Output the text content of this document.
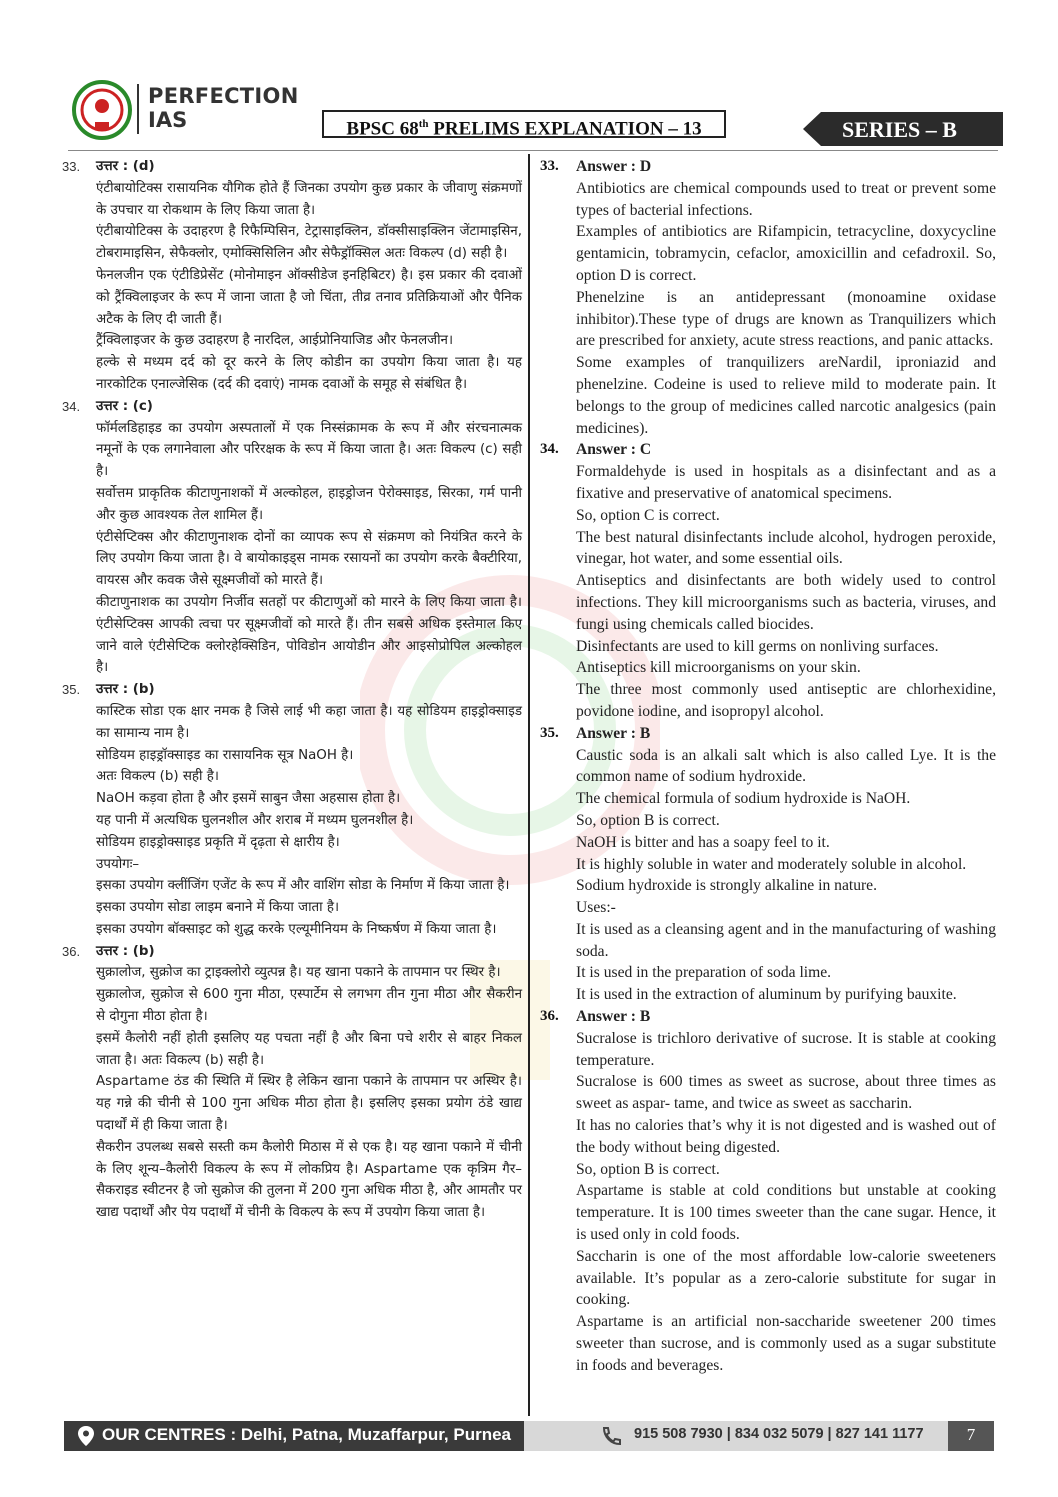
PERFECTION
IAS	BPSC 68th PRELIMS EXPLANATION – 13	SERIES – B
33.	उत्तर : (d)

एंटीबायोटिक्स रासायनिक यौगिक होते हैं जिनका उपयोग कुछ प्रकार के जीवाणु संक्रमणों के उपचार या रोकथाम के लिए किया जाता है।

एंटीबायोटिक्स के उदाहरण है रिफैम्पिसिन, टेट्रासाइक्लिन, डॉक्सीसाइक्लिन जेंटामाइसिन, टोबरामाइसिन, सेफैक्लोर, एमोक्सिसिलिन और सेफैड्रॉक्सिल अतः विकल्प (d) सही है।

फेनलजीन एक एंटीडिप्रेसेंट (मोनोमाइन ऑक्सीडेज इनहिबिटर) है। इस प्रकार की दवाओं को ट्रैंक्विलाइजर के रूप में जाना जाता है जो चिंता, तीव्र तनाव प्रतिक्रियाओं और पैनिक अटैक के लिए दी जाती हैं।

ट्रैंक्विलाइजर के कुछ उदाहरण है नारदिल, आईप्रोनियाजिड और फेनलजीन।

हल्के से मध्यम दर्द को दूर करने के लिए कोडीन का उपयोग किया जाता है। यह नारकोटिक एनाल्जेसिक (दर्द की दवाएं) नामक दवाओं के समूह से संबंधित है।

34.	उत्तर : (c)

फॉर्मलडिहाइड का उपयोग अस्पतालों में एक निस्संक्रामक के रूप में और संरचनात्मक नमूनों के एक लगानेवाला और परिरक्षक के रूप में किया जाता है। अतः विकल्प (c) सही है।

सर्वोत्तम प्राकृतिक कीटाणुनाशकों में अल्कोहल, हाइड्रोजन पेरोक्साइड, सिरका, गर्म पानी और कुछ आवश्यक तेल शामिल हैं।

एंटीसेप्टिक्स और कीटाणुनाशक दोनों का व्यापक रूप से संक्रमण को नियंत्रित करने के लिए उपयोग किया जाता है। वे बायोकाइड्स नामक रसायनों का उपयोग करके बैक्टीरिया, वायरस और कवक जैसे सूक्ष्मजीवों को मारते हैं।

कीटाणुनाशक का उपयोग निर्जीव सतहों पर कीटाणुओं को मारने के लिए किया जाता है। एंटीसेप्टिक्स आपकी त्वचा पर सूक्ष्मजीवों को मारते हैं। तीन सबसे अधिक इस्तेमाल किए जाने वाले एंटीसेप्टिक क्लोरहेक्सिडिन, पोविडोन आयोडीन और आइसोप्रोपिल अल्कोहल है।

35.	उत्तर : (b)

कास्टिक सोडा एक क्षार नमक है जिसे लाई भी कहा जाता है। यह सोडियम हाइड्रोक्साइड का सामान्य नाम है।

सोडियम हाइड्रॉक्साइड का रासायनिक सूत्र NaOH है।

अतः विकल्प (b) सही है।

NaOH कड़वा होता है और इसमें साबुन जैसा अहसास होता है।

यह पानी में अत्यधिक घुलनशील और शराब में मध्यम घुलनशील है।

सोडियम हाइड्रोक्साइड प्रकृति में दृढ़ता से क्षारीय है।

उपयोगः–

इसका उपयोग क्लींजिंग एजेंट के रूप में और वाशिंग सोडा के निर्माण में किया जाता है।

इसका उपयोग सोडा लाइम बनाने में किया जाता है।

इसका उपयोग बॉक्साइट को शुद्ध करके एल्यूमीनियम के निष्कर्षण में किया जाता है।

36.	उत्तर : (b)

सुक्रालोज, सुक्रोज का ट्राइक्लोरो व्युत्पन्न है। यह खाना पकाने के तापमान पर स्थिर है।

सुक्रालोज, सुक्रोज से 600 गुना मीठा, एस्पार्टेम से लगभग तीन गुना मीठा और सैकरीन से दोगुना मीठा होता है।

इसमें कैलोरी नहीं होती इसलिए यह पचता नहीं है और बिना पचे शरीर से बाहर निकल जाता है। अतः विकल्प (b) सही है।

Aspartame ठंड की स्थिति में स्थिर है लेकिन खाना पकाने के तापमान पर अस्थिर है। यह गन्ने की चीनी से 100 गुना अधिक मीठा होता है। इसलिए इसका प्रयोग ठंडे खाद्य पदार्थों में ही किया जाता है।

सैकरीन उपलब्ध सबसे सस्ती कम कैलोरी मिठास में से एक है। यह खाना पकाने में चीनी के लिए शून्य–कैलोरी विकल्प के रूप में लोकप्रिय है। Aspartame एक कृत्रिम गैर–सैकराइड स्वीटनर है जो सुक्रोज की तुलना में 200 गुना अधिक मीठा है, और आमतौर पर खाद्य पदार्थों और पेय पदार्थों में चीनी के विकल्प के रूप में उपयोग किया जाता है।

33.	Answer : D

Antibiotics are chemical compounds used to treat or prevent some types of bacterial infections.

Examples of antibiotics are Rifampicin, tetracycline, doxycycline gentamicin, tobramycin, cefaclor, amoxicillin and cefadroxil. So, option D is correct.

Phenelzine is an antidepressant (monoamine oxidase inhibitor).These type of drugs are known as Tranquilizers which are prescribed for anxiety, acute stress reactions, and panic attacks.

Some examples of tranquilizers areNardil, iproniazid and phenelzine. Codeine is used to relieve mild to moderate pain. It belongs to the group of medicines called narcotic analgesics (pain medicines).

34.	Answer : C

Formaldehyde is used in hospitals as a disinfectant and as a fixative and preservative of anatomical specimens.

So, option C is correct.

The best natural disinfectants include alcohol, hydrogen peroxide, vinegar, hot water, and some essential oils.

Antiseptics and disinfectants are both widely used to control infections. They kill microorganisms such as bacteria, viruses, and fungi using chemicals called biocides.

Disinfectants are used to kill germs on nonliving surfaces.

Antiseptics kill microorganisms on your skin.

The three most commonly used antiseptic are chlorhexidine, povidone iodine, and isopropyl alcohol.

35.	Answer : B

Caustic soda is an alkali salt which is also called Lye. It is the common name of sodium hydroxide.

The chemical formula of sodium hydroxide is NaOH.

So, option B is correct.

NaOH is bitter and has a soapy feel to it.

It is highly soluble in water and moderately soluble in alcohol.

Sodium hydroxide is strongly alkaline in nature.

Uses:-

It is used as a cleansing agent and in the manufacturing of washing soda.

It is used in the preparation of soda lime.

It is used in the extraction of aluminum by purifying bauxite.

36.	Answer : B

Sucralose is trichloro derivative of sucrose. It is stable at cooking temperature.

Sucralose is 600 times as sweet as sucrose, about three times as sweet as aspar- tame, and twice as sweet as saccharin.

It has no calories that’s why it is not digested and is washed out of the body without being digested.

So, option B is correct.

Aspartame is stable at cold conditions but unstable at cooking temperature. It is 100 times sweeter than the cane sugar. Hence, it is used only in cold foods.

Saccharin is one of the most affordable low-calorie sweeteners available. It’s popular as a zero-calorie substitute for sugar in cooking.

Aspartame is an artificial non-saccharide sweetener 200 times sweeter than sucrose, and is commonly used as a sugar substitute in foods and beverages.

OUR CENTRES : Delhi, Patna, Muzaffarpur, Purnea	915 508 7930 | 834 032 5079 | 827 141 1177	7
